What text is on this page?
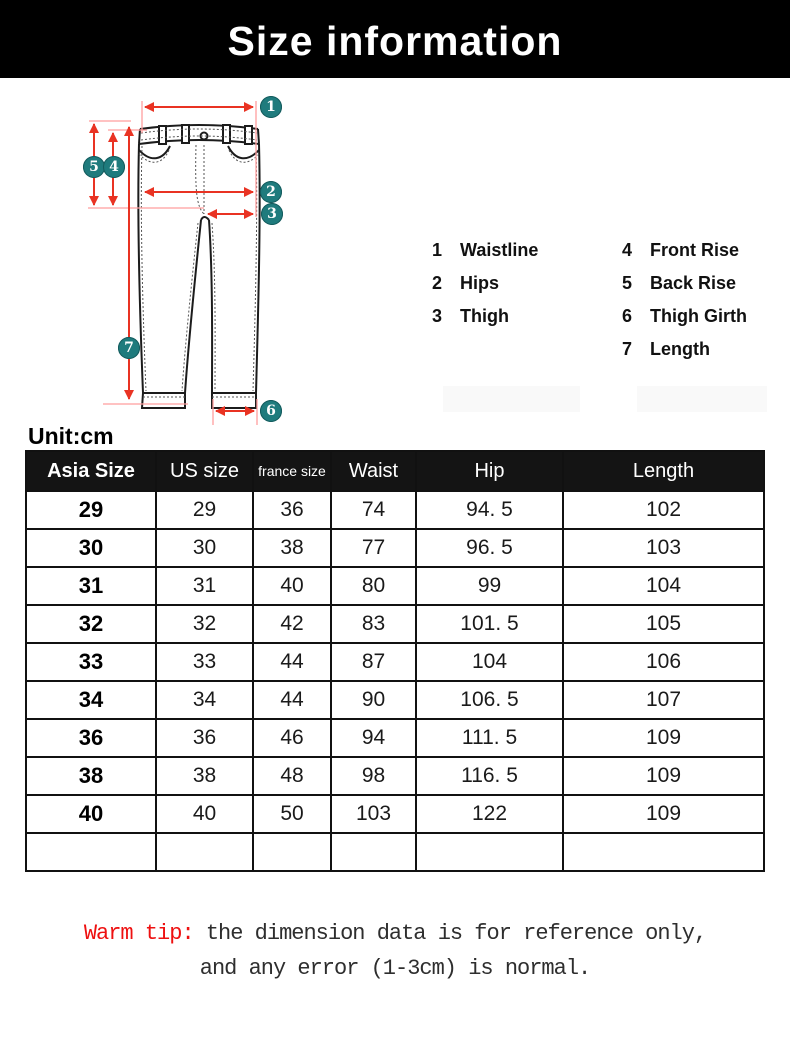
Size information
1
5 4
2
3
7
6
1 Waistline
2 Hips
3 Thigh
4 Front Rise
5 Back Rise
6 Thigh Girth
7 Length
Unit:cm
Asia Size	US size	france size	Waist	Hip	Length
29	29	36	74	94. 5	102
30	30	38	77	96. 5	103
31	31	40	80	99	104
32	32	42	83	101. 5	105
33	33	44	87	104	106
34	34	44	90	106. 5	107
36	36	46	94	111. 5	109
38	38	48	98	116. 5	109
40	40	50	103	122	109

Warm tip: the dimension data is for reference only,
and any error (1-3cm) is normal.
